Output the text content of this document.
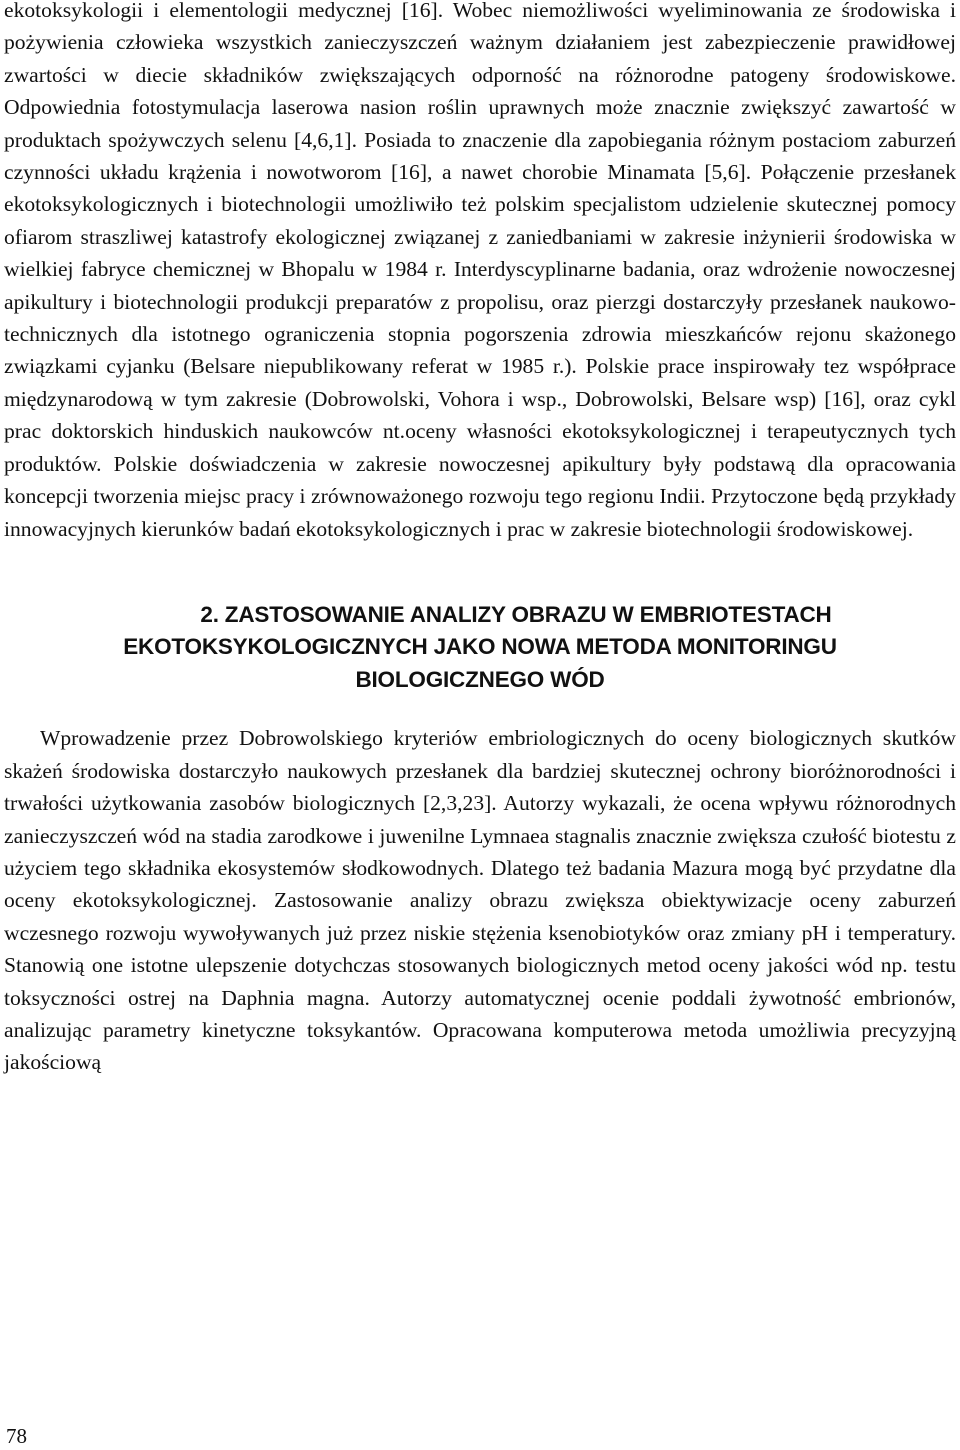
ekotoksykologii i elementologii medycznej [16]. Wobec niemożliwości wyeliminowania ze środowiska i pożywienia człowieka wszystkich zanieczyszczeń ważnym działaniem jest zabezpieczenie prawidłowej zwartości w diecie składników zwiększających odporność na różnorodne patogeny środowiskowe. Odpowiednia fotostymulacja laserowa nasion roślin uprawnych może znacznie zwiększyć zawartość w produktach spożywczych selenu [4,6,1]. Posiada to znaczenie dla zapobiegania różnym postaciom zaburzeń czynności układu krążenia i nowotworom [16], a nawet chorobie Minamata [5,6]. Połączenie przesłanek ekotoksykologicznych i biotechnologii umożliwiło też polskim specjalistom udzielenie skutecznej pomocy ofiarom straszliwej katastrofy ekologicznej związanej z zaniedbaniami w zakresie inżynierii środowiska w wielkiej fabryce chemicznej w Bhopalu w 1984 r. Interdyscyplinarne badania, oraz wdrożenie nowoczesnej apikultury i biotechnologii produkcji preparatów z propolisu, oraz pierzgi dostarczyły przesłanek naukowo-technicznych dla istotnego ograniczenia stopnia pogorszenia zdrowia mieszkańców rejonu skażonego związkami cyjanku (Belsare niepublikowany referat w 1985 r.). Polskie prace inspirowały tez współprace międzynarodową w tym zakresie (Dobrowolski, Vohora i wsp., Dobrowolski, Belsare wsp) [16], oraz cykl prac doktorskich hinduskich naukowców nt.oceny własności ekotoksykologicznej i terapeutycznych tych produktów. Polskie doświadczenia w zakresie nowoczesnej apikultury były podstawą dla opracowania koncepcji tworzenia miejsc pracy i zrównoważonego rozwoju tego regionu Indii. Przytoczone będą przykłady innowacyjnych kierunków badań ekotoksykologicznych i prac w zakresie biotechnologii środowiskowej.

2. ZASTOSOWANIE ANALIZY OBRAZU W EMBRIOTESTACH
EKOTOKSYKOLOGICZNYCH JAKO NOWA METODA MONITORINGU
BIOLOGICZNEGO WÓD

Wprowadzenie przez Dobrowolskiego kryteriów embriologicznych do oceny biologicznych skutków skażeń środowiska dostarczyło naukowych przesłanek dla bardziej skutecznej ochrony bioróżnorodności i trwałości użytkowania zasobów biologicznych [2,3,23]. Autorzy wykazali, że ocena wpływu różnorodnych zanieczyszczeń wód na stadia zarodkowe i juwenilne Lymnaea stagnalis znacznie zwiększa czułość biotestu z użyciem tego składnika ekosystemów słodkowodnych. Dlatego też badania Mazura mogą być przydatne dla oceny ekotoksykologicznej. Zastosowanie analizy obrazu zwiększa obiektywizacje oceny zaburzeń wczesnego rozwoju wywoływanych już przez niskie stężenia ksenobiotyków oraz zmiany pH i temperatury. Stanowią one istotne ulepszenie dotychczas stosowanych biologicznych metod oceny jakości wód np. testu toksyczności ostrej na Daphnia magna. Autorzy automatycznej ocenie poddali żywotność embrionów, analizując parametry kinetyczne toksykantów. Opracowana komputerowa metoda umożliwia precyzyjną jakościową

78
